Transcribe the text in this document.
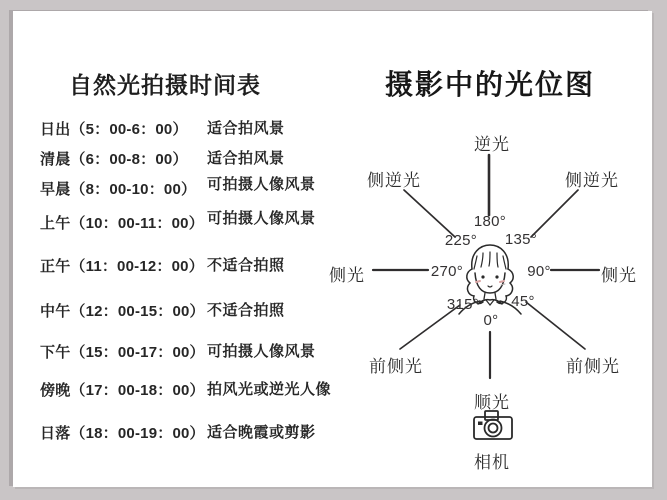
自然光拍摄时间表
日出（5：00-6：00） 适合拍风景
清晨（6：00-8：00） 适合拍风景
早晨（8：00-10：00） 可拍摄人像风景
上午（10：00-11：00） 可拍摄人像风景
正午（11：00-12：00） 不适合拍照
中午（12：00-15：00） 不适合拍照
下午（15：00-17：00） 可拍摄人像风景
傍晚（17：00-18：00） 拍风光或逆光人像
日落（18：00-19：00） 适合晚霞或剪影
摄影中的光位图
逆光
侧逆光	侧逆光
侧光	侧光
前侧光	前侧光
顺光
相机
180°
225° 135°
270°	90°
315° 45°
0°
